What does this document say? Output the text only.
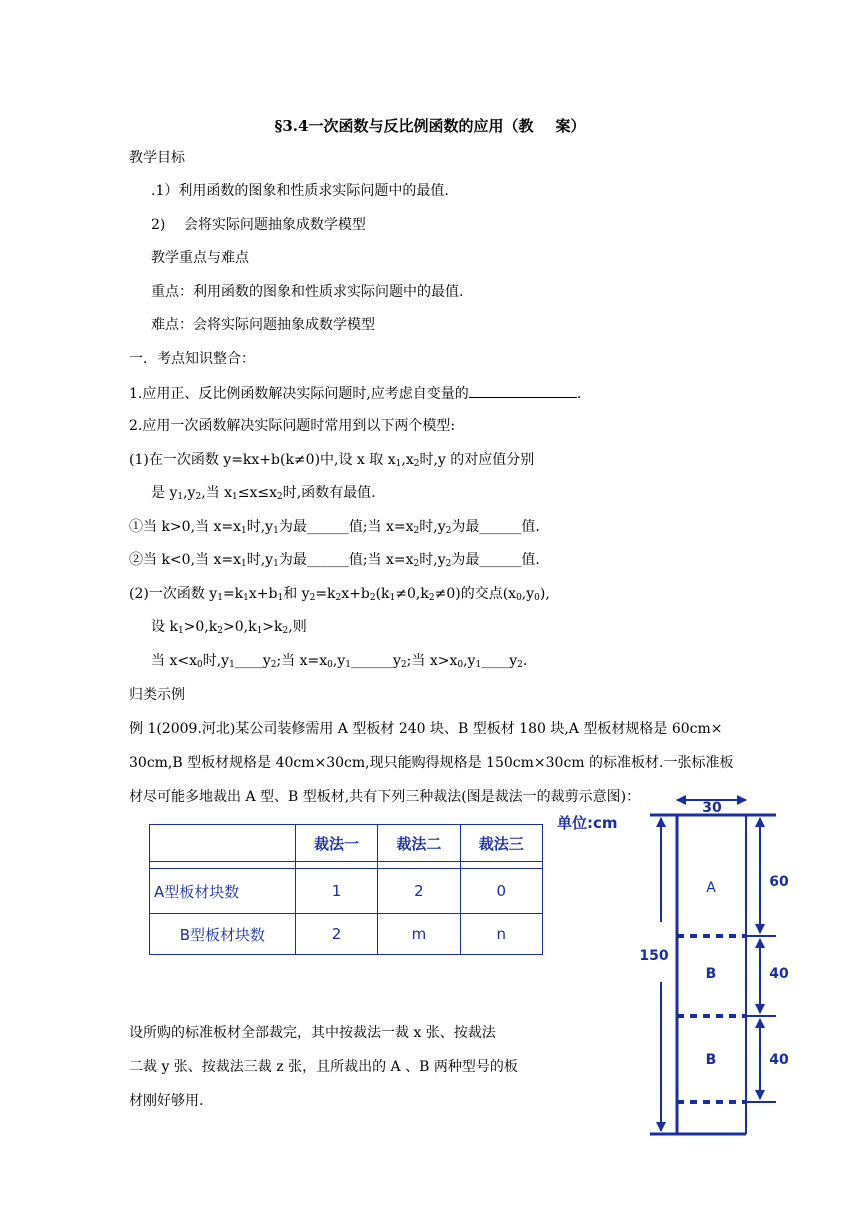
§3.4一次函数与反比例函数的应用（教 案）
教学目标
.1）利用函数的图象和性质求实际问题中的最值.
2)　 会将实际问题抽象成数学模型
教学重点与难点
重点：利用函数的图象和性质求实际问题中的最值.
难点：会将实际问题抽象成数学模型
一．考点知识整合：
1.应用正、反比例函数解决实际问题时,应考虑自变量的	.
2.应用一次函数解决实际问题时常用到以下两个模型:
(1)在一次函数 y=kx+b(k≠0)中,设 x 取 $x_1,x_2$时,y 的对应值分别
是 $y_1,y_2$,当 $x_1\le x\le x_2$时,函数有最值.
①当 k>0,当 $x=x_1$时$,y_1$为最______值;当 $x=x_2$时$,y_2$为最______值.
②当 k<0,当 $x=x_1$时$,y_1$为最______值;当 $x=x_2$时$,y_2$为最______值.
(2)一次函数 $y_1=k_1x+b_1$和 $y_2=k_2x+b_2(k_1\ne 0,k_2\ne 0)$的交点$(x_0,y_0)$,
设 $k_1>0,k_2>0,k_1>k_2$,则
当 $x<x_0$时$,y_1\_\_\_\_y_2$;当 $x=x_0,y_1\_\_\_\_\_\_y_2$;当 $x>x_0,y_1\_\_\_\_y_2$.
归类示例
例 1(2009.河北)某公司装修需用 A 型板材 240 块、B 型板材 180 块,A 型板材规格是 60cm×
30cm,B 型板材规格是 40cm×30cm,现只能购得规格是 150cm×30cm 的标准板材.一张标准板
材尽可能多地裁出 A 型、B 型板材,共有下列三种裁法(图是裁法一的裁剪示意图)：
	裁法一	裁法二	裁法三

A型板材块数	1	2	0
B型板材块数	2	m	n
单位:cm
30
150
60
40
40
A
B
B
设所购的标准板材全部裁完，其中按裁法一裁 x 张、按裁法
二裁 y 张、按裁法三裁 z 张，且所裁出的 A 、B 两种型号的板
材刚好够用.
